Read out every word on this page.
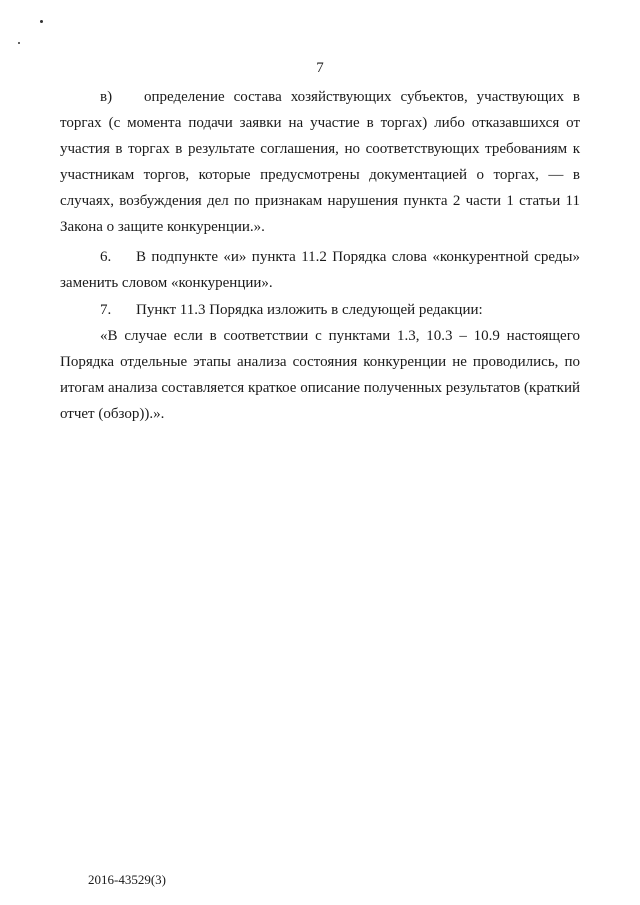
7

в) определение состава хозяйствующих субъектов, участвующих в

торгах (с момента подачи заявки на участие в торгах) либо отказавшихся от участия в торгах в результате соглашения, но соответствующих требованиям к участникам торгов, которые предусмотрены документацией о торгах, — в случаях, возбуждения дел по признакам нарушения пункта 2 части 1 статьи 11 Закона о защите конкуренции.».

6. В подпункте «и» пункта 11.2 Порядка слова «конкурентной среды»

заменить словом «конкуренции».

7. Пункт 11.3 Порядка изложить в следующей редакции:

«В случае если в соответствии с пунктами 1.3, 10.3 – 10.9 настоящего Порядка отдельные этапы анализа состояния конкуренции не проводились, по итогам анализа составляется краткое описание полученных результатов (краткий отчет (обзор)).».

2016-43529(3)
